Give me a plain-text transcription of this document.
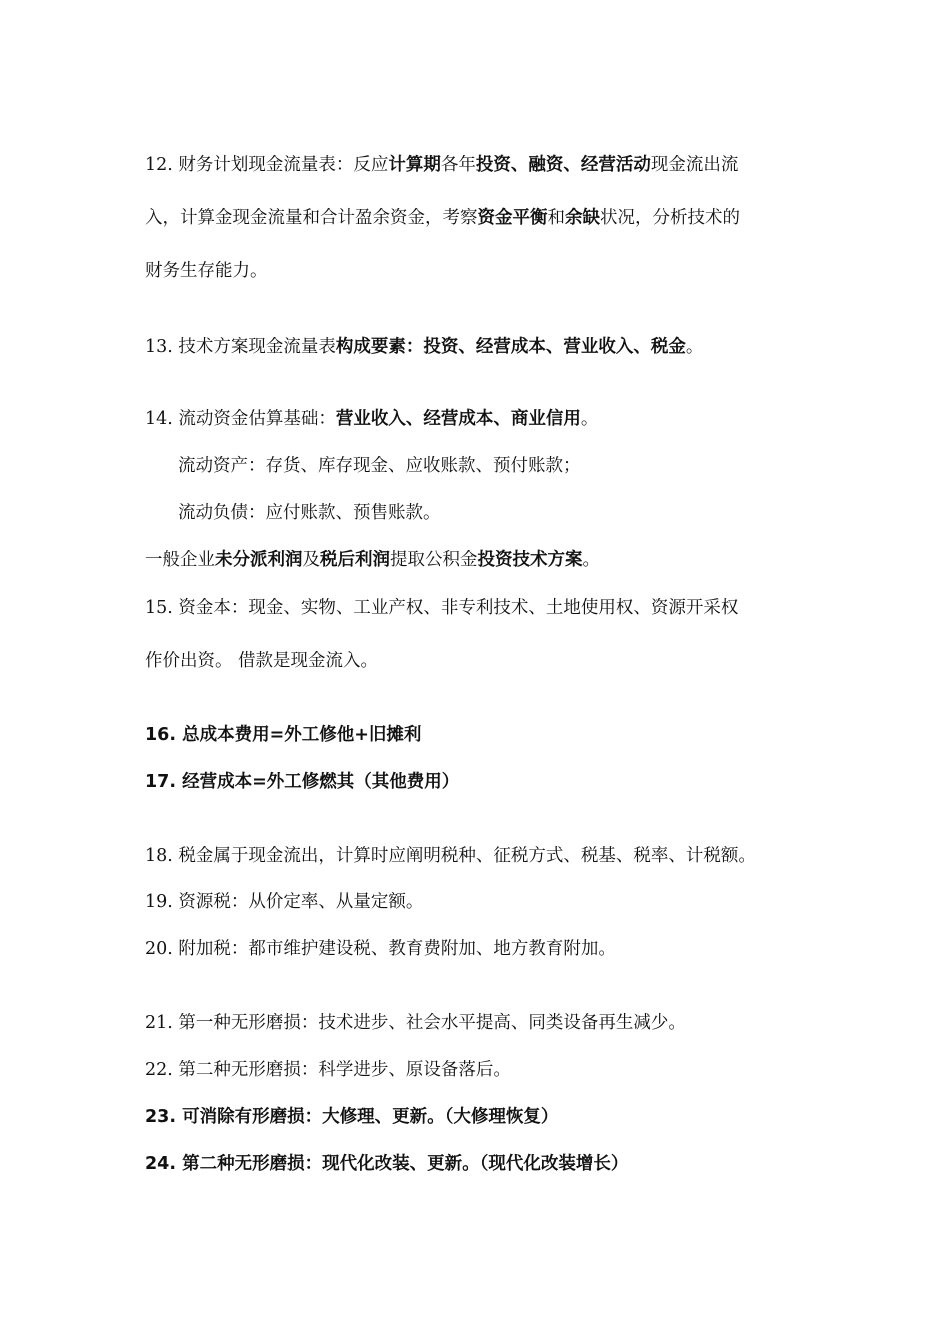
12. 财务计划现金流量表：反应计算期各年投资、融资、经营活动现金流出流
入，计算金现金流量和合计盈余资金，考察资金平衡和余缺状况，分析技术的
财务生存能力。
13. 技术方案现金流量表构成要素：投资、经营成本、营业收入、税金。
14. 流动资金估算基础：营业收入、经营成本、商业信用。
流动资产：存货、库存现金、应收账款、预付账款；
流动负债：应付账款、预售账款。
一般企业未分派利润及税后利润提取公积金投资技术方案。
15. 资金本：现金、实物、工业产权、非专利技术、土地使用权、资源开采权
作价出资。 借款是现金流入。
16. 总成本费用=外工修他+旧摊利
17. 经营成本=外工修燃其（其他费用）
18. 税金属于现金流出，计算时应阐明税种、征税方式、税基、税率、计税额。
19. 资源税：从价定率、从量定额。
20. 附加税：都市维护建设税、教育费附加、地方教育附加。
21. 第一种无形磨损：技术进步、社会水平提高、同类设备再生减少。
22. 第二种无形磨损：科学进步、原设备落后。
23. 可消除有形磨损：大修理、更新。（大修理恢复）
24. 第二种无形磨损：现代化改装、更新。（现代化改装增长）
